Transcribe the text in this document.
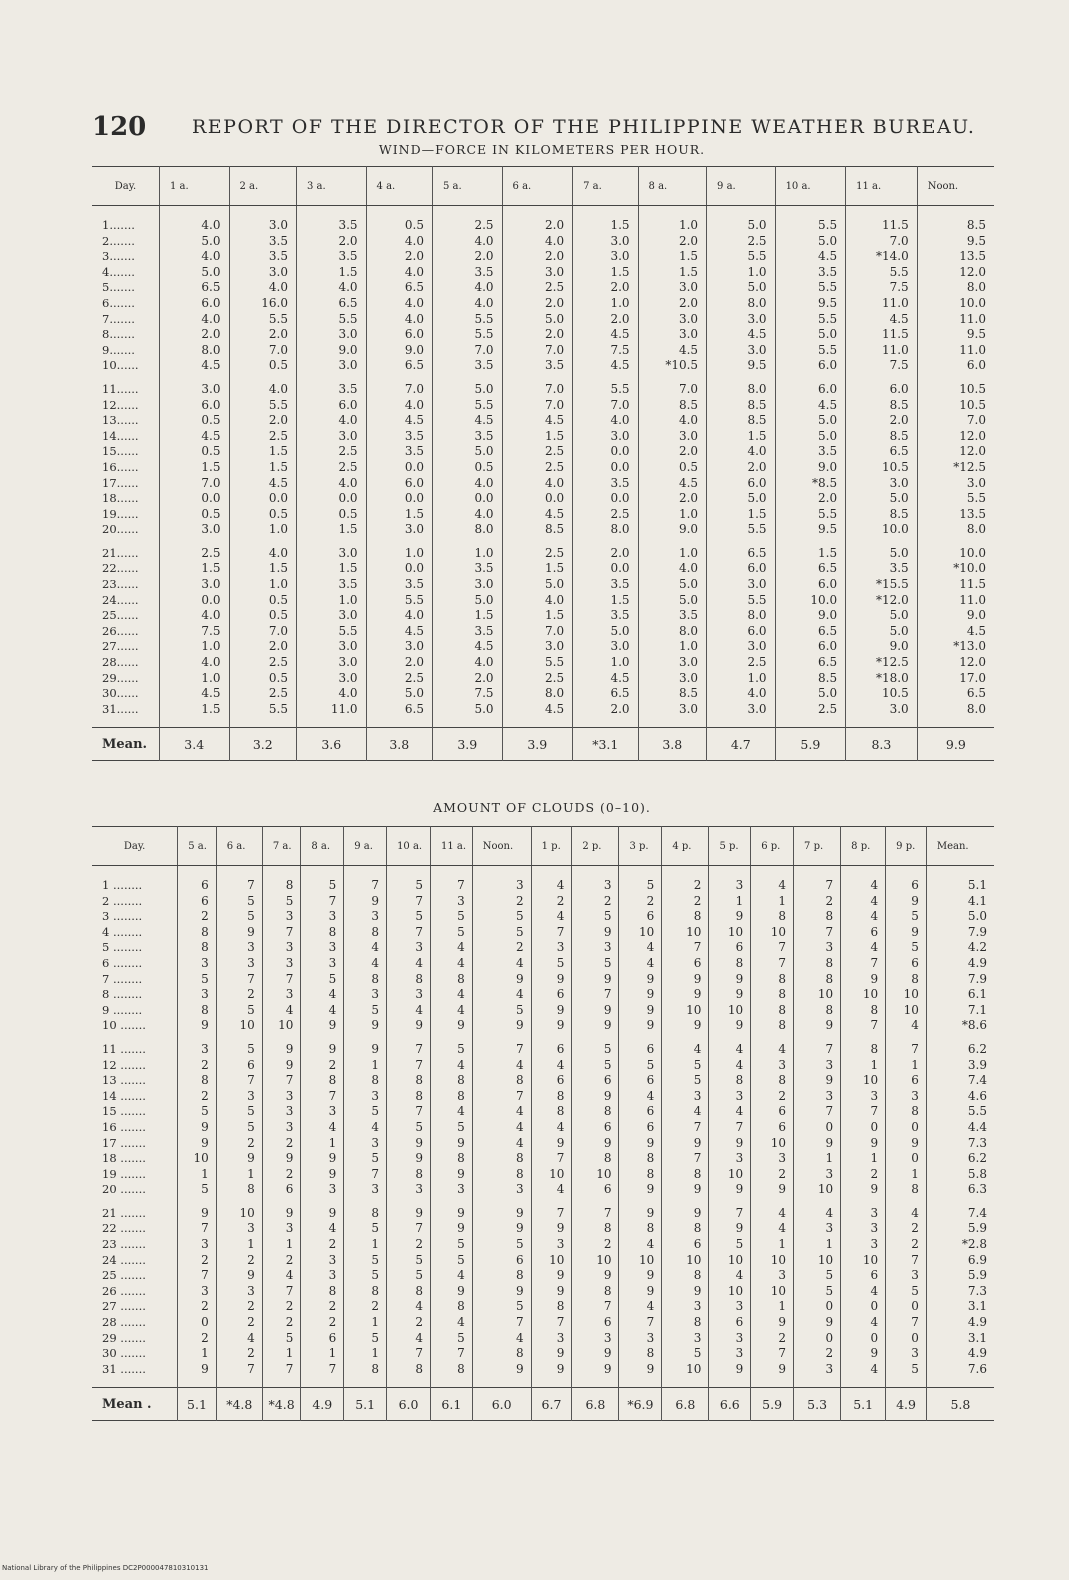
120 REPORT OF THE DIRECTOR OF THE PHILIPPINE WEATHER BUREAU.
WIND—FORCE IN KILOMETERS PER HOUR.
Day.	1 a.	2 a.	3 a.	4 a.	5 a.	6 a.	7 a.	8 a.	9 a.	10 a.	11 a.	Noon.
1.......	4.0	3.0	3.5	0.5	2.5	2.0	1.5	1.0	5.0	5.5	11.5	8.5
2.......	5.0	3.5	2.0	4.0	4.0	4.0	3.0	2.0	2.5	5.0	7.0	9.5
3.......	4.0	3.5	3.5	2.0	2.0	2.0	3.0	1.5	5.5	4.5	*14.0	13.5
4.......	5.0	3.0	1.5	4.0	3.5	3.0	1.5	1.5	1.0	3.5	5.5	12.0
5.......	6.5	4.0	4.0	6.5	4.0	2.5	2.0	3.0	5.0	5.5	7.5	8.0
6.......	6.0	16.0	6.5	4.0	4.0	2.0	1.0	2.0	8.0	9.5	11.0	10.0
7.......	4.0	5.5	5.5	4.0	5.5	5.0	2.0	3.0	3.0	5.5	4.5	11.0
8.......	2.0	2.0	3.0	6.0	5.5	2.0	4.5	3.0	4.5	5.0	11.5	9.5
9.......	8.0	7.0	9.0	9.0	7.0	7.0	7.5	4.5	3.0	5.5	11.0	11.0
10......	4.5	0.5	3.0	6.5	3.5	3.5	4.5	*10.5	9.5	6.0	7.5	6.0
11......	3.0	4.0	3.5	7.0	5.0	7.0	5.5	7.0	8.0	6.0	6.0	10.5
12......	6.0	5.5	6.0	4.0	5.5	7.0	7.0	8.5	8.5	4.5	8.5	10.5
13......	0.5	2.0	4.0	4.5	4.5	4.5	4.0	4.0	8.5	5.0	2.0	7.0
14......	4.5	2.5	3.0	3.5	3.5	1.5	3.0	3.0	1.5	5.0	8.5	12.0
15......	0.5	1.5	2.5	3.5	5.0	2.5	0.0	2.0	4.0	3.5	6.5	12.0
16......	1.5	1.5	2.5	0.0	0.5	2.5	0.0	0.5	2.0	9.0	10.5	*12.5
17......	7.0	4.5	4.0	6.0	4.0	4.0	3.5	4.5	6.0	*8.5	3.0	3.0
18......	0.0	0.0	0.0	0.0	0.0	0.0	0.0	2.0	5.0	2.0	5.0	5.5
19......	0.5	0.5	0.5	1.5	4.0	4.5	2.5	1.0	1.5	5.5	8.5	13.5
20......	3.0	1.0	1.5	3.0	8.0	8.5	8.0	9.0	5.5	9.5	10.0	8.0
21......	2.5	4.0	3.0	1.0	1.0	2.5	2.0	1.0	6.5	1.5	5.0	10.0
22......	1.5	1.5	1.5	0.0	3.5	1.5	0.0	4.0	6.0	6.5	3.5	*10.0
23......	3.0	1.0	3.5	3.5	3.0	5.0	3.5	5.0	3.0	6.0	*15.5	11.5
24......	0.0	0.5	1.0	5.5	5.0	4.0	1.5	5.0	5.5	10.0	*12.0	11.0
25......	4.0	0.5	3.0	4.0	1.5	1.5	3.5	3.5	8.0	9.0	5.0	9.0
26......	7.5	7.0	5.5	4.5	3.5	7.0	5.0	8.0	6.0	6.5	5.0	4.5
27......	1.0	2.0	3.0	3.0	4.5	3.0	3.0	1.0	3.0	6.0	9.0	*13.0
28......	4.0	2.5	3.0	2.0	4.0	5.5	1.0	3.0	2.5	6.5	*12.5	12.0
29......	1.0	0.5	3.0	2.5	2.0	2.5	4.5	3.0	1.0	8.5	*18.0	17.0
30......	4.5	2.5	4.0	5.0	7.5	8.0	6.5	8.5	4.0	5.0	10.5	6.5
31......	1.5	5.5	11.0	6.5	5.0	4.5	2.0	3.0	3.0	2.5	3.0	8.0
Mean.	3.4	3.2	3.6	3.8	3.9	3.9	*3.1	3.8	4.7	5.9	8.3	9.9
AMOUNT OF CLOUDS (0–10).
Day.	5 a.	6 a.	7 a.	8 a.	9 a.	10 a.	11 a.	Noon.	1 p.	2 p.	3 p.	4 p.	5 p.	6 p.	7 p.	8 p.	9 p.	Mean.
1 ........	6	7	8	5	7	5	7	3	4	3	5	2	3	4	7	4	6	5.1
2 ........	6	5	5	7	9	7	3	2	2	2	2	2	1	1	2	4	9	4.1
3 ........	2	5	3	3	3	5	5	5	4	5	6	8	9	8	8	4	5	5.0
4 ........	8	9	7	8	8	7	5	5	7	9	10	10	10	10	7	6	9	7.9
5 ........	8	3	3	3	4	3	4	2	3	3	4	7	6	7	3	4	5	4.2
6 ........	3	3	3	3	4	4	4	4	5	5	4	6	8	7	8	7	6	4.9
7 ........	5	7	7	5	8	8	8	9	9	9	9	9	9	8	8	9	8	7.9
8 ........	3	2	3	4	3	3	4	4	6	7	9	9	9	8	10	10	10	6.1
9 ........	8	5	4	4	5	4	4	5	9	9	9	10	10	8	8	8	10	7.1
10 .......	9	10	10	9	9	9	9	9	9	9	9	9	9	8	9	7	4	*8.6
11 .......	3	5	9	9	9	7	5	7	6	5	6	4	4	4	7	8	7	6.2
12 .......	2	6	9	2	1	7	4	4	4	5	5	5	4	3	3	1	1	3.9
13 .......	8	7	7	8	8	8	8	8	6	6	6	5	8	8	9	10	6	7.4
14 .......	2	3	3	7	3	8	8	7	8	9	4	3	3	2	3	3	3	4.6
15 .......	5	5	3	3	5	7	4	4	8	8	6	4	4	6	7	7	8	5.5
16 .......	9	5	3	4	4	5	5	4	4	6	6	7	7	6	0	0	0	4.4
17 .......	9	2	2	1	3	9	9	4	9	9	9	9	9	10	9	9	9	7.3
18 .......	10	9	9	9	5	9	8	8	7	8	8	7	3	3	1	1	0	6.2
19 .......	1	1	2	9	7	8	9	8	10	10	8	8	10	2	3	2	1	5.8
20 .......	5	8	6	3	3	3	3	3	4	6	9	9	9	9	10	9	8	6.3
21 .......	9	10	9	9	8	9	9	9	7	7	9	9	7	4	4	3	4	7.4
22 .......	7	3	3	4	5	7	9	9	9	8	8	8	9	4	3	3	2	5.9
23 .......	3	1	1	2	1	2	5	5	3	2	4	6	5	1	1	3	2	*2.8
24 .......	2	2	2	3	5	5	5	6	10	10	10	10	10	10	10	10	7	6.9
25 .......	7	9	4	3	5	5	4	8	9	9	9	8	4	3	5	6	3	5.9
26 .......	3	3	7	8	8	8	9	9	9	8	9	9	10	10	5	4	5	7.3
27 .......	2	2	2	2	2	4	8	5	8	7	4	3	3	1	0	0	0	3.1
28 .......	0	2	2	2	1	2	4	7	7	6	7	8	6	9	9	4	7	4.9
29 .......	2	4	5	6	5	4	5	4	3	3	3	3	3	2	0	0	0	3.1
30 .......	1	2	1	1	1	7	7	8	9	9	8	5	3	7	2	9	3	4.9
31 .......	9	7	7	7	8	8	8	9	9	9	9	10	9	9	3	4	5	7.6
Mean .	5.1	*4.8	*4.8	4.9	5.1	6.0	6.1	6.0	6.7	6.8	*6.9	6.8	6.6	5.9	5.3	5.1	4.9	5.8
National Library of the Philippines DC2P000047810310131
